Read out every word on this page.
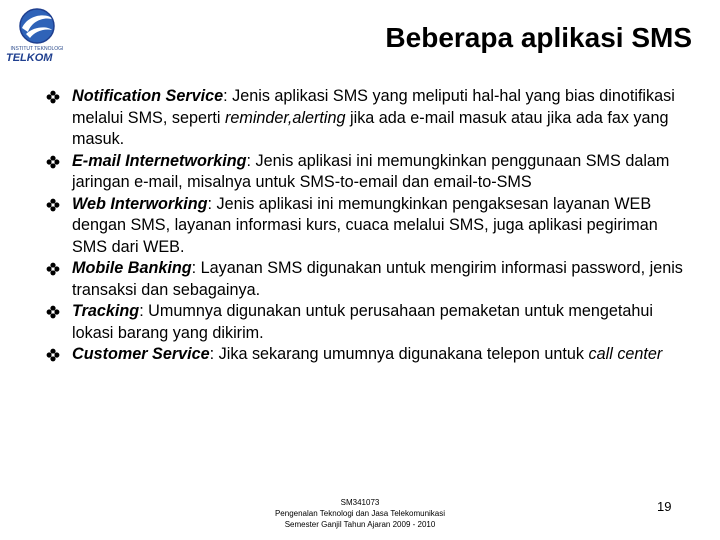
INSTITUT TEKNOLOGI
TELKOM
Beberapa aplikasi SMS
Notification Service: Jenis aplikasi SMS yang meliputi hal-hal yang bias dinotifikasi melalui SMS, seperti reminder,alerting jika ada e-mail masuk atau jika ada fax yang masuk.
E-mail Internetworking: Jenis aplikasi ini memungkinkan penggunaan SMS dalam jaringan e-mail, misalnya untuk SMS-to-email dan email-to-SMS
Web Interworking: Jenis aplikasi ini memungkinkan pengaksesan layanan WEB dengan SMS, layanan informasi kurs, cuaca melalui SMS, juga aplikasi pegiriman SMS dari WEB.
Mobile Banking: Layanan SMS digunakan untuk mengirim informasi password, jenis transaksi dan sebagainya.
Tracking: Umumnya digunakan untuk perusahaan pemaketan untuk mengetahui lokasi barang yang dikirim.
Customer Service: Jika sekarang umumnya digunakana telepon untuk call center
SM341073
Pengenalan Teknologi dan Jasa Telekomunikasi
Semester Ganjil Tahun Ajaran 2009 - 2010
19
